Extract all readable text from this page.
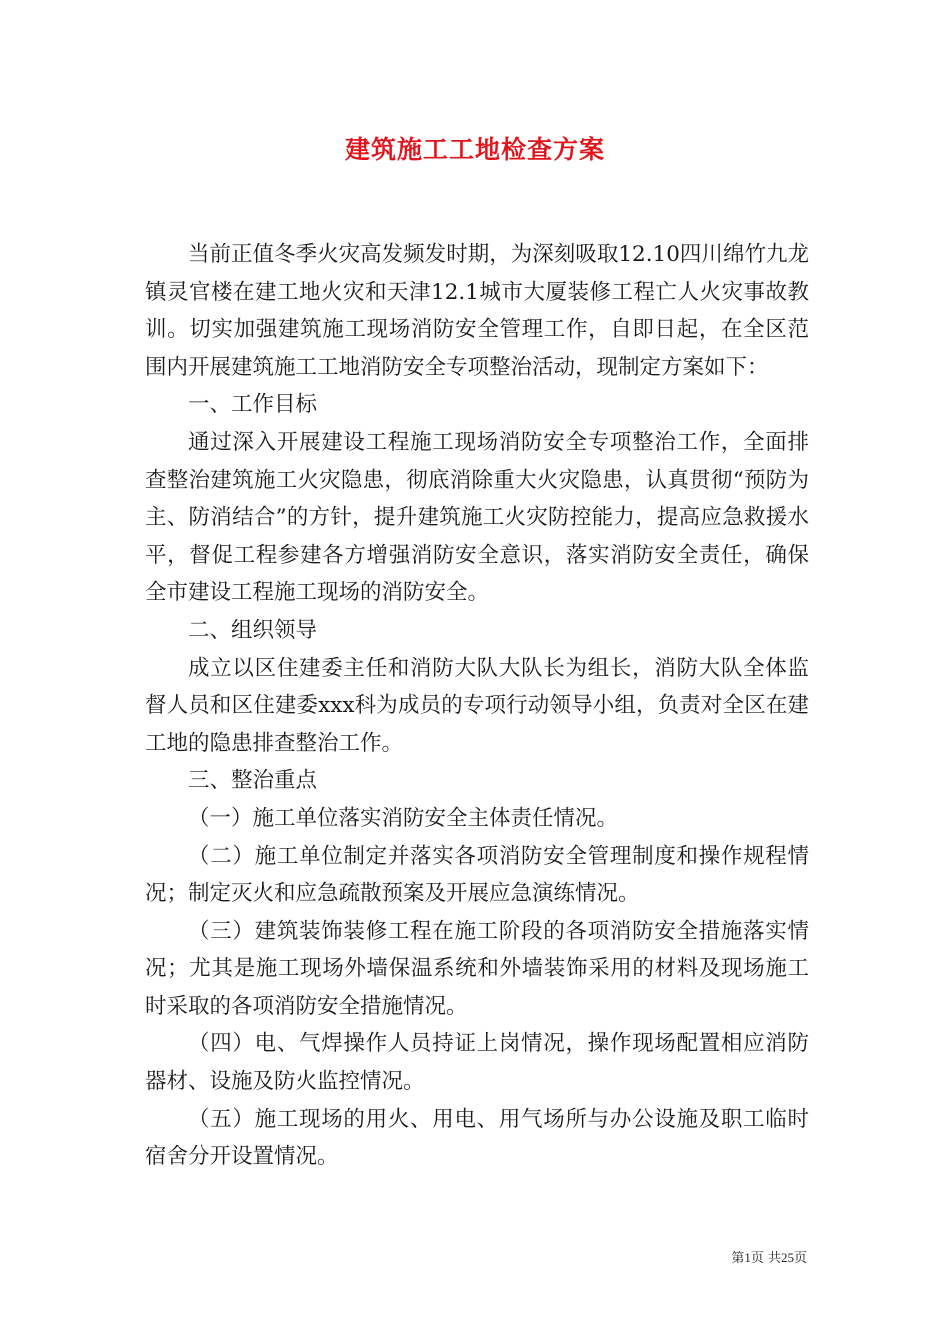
建筑施工工地检查方案

当前正值冬季火灾高发频发时期，为深刻吸取12.10四川绵竹九龙镇灵官楼在建工地火灾和天津12.1城市大厦装修工程亡人火灾事故教训。切实加强建筑施工现场消防安全管理工作，自即日起，在全区范围内开展建筑施工工地消防安全专项整治活动，现制定方案如下：

一、工作目标

通过深入开展建设工程施工现场消防安全专项整治工作，全面排查整治建筑施工火灾隐患，彻底消除重大火灾隐患，认真贯彻“预防为主、防消结合”的方针，提升建筑施工火灾防控能力，提高应急救援水平，督促工程参建各方增强消防安全意识，落实消防安全责任，确保全市建设工程施工现场的消防安全。

二、组织领导

成立以区住建委主任和消防大队大队长为组长，消防大队全体监督人员和区住建委xxx科为成员的专项行动领导小组，负责对全区在建工地的隐患排查整治工作。

三、整治重点

（一）施工单位落实消防安全主体责任情况。

（二）施工单位制定并落实各项消防安全管理制度和操作规程情况；制定灭火和应急疏散预案及开展应急演练情况。

（三）建筑装饰装修工程在施工阶段的各项消防安全措施落实情况；尤其是施工现场外墙保温系统和外墙装饰采用的材料及现场施工时采取的各项消防安全措施情况。

（四）电、气焊操作人员持证上岗情况，操作现场配置相应消防器材、设施及防火监控情况。

（五）施工现场的用火、用电、用气场所与办公设施及职工临时宿舍分开设置情况。

第1页 共25页
